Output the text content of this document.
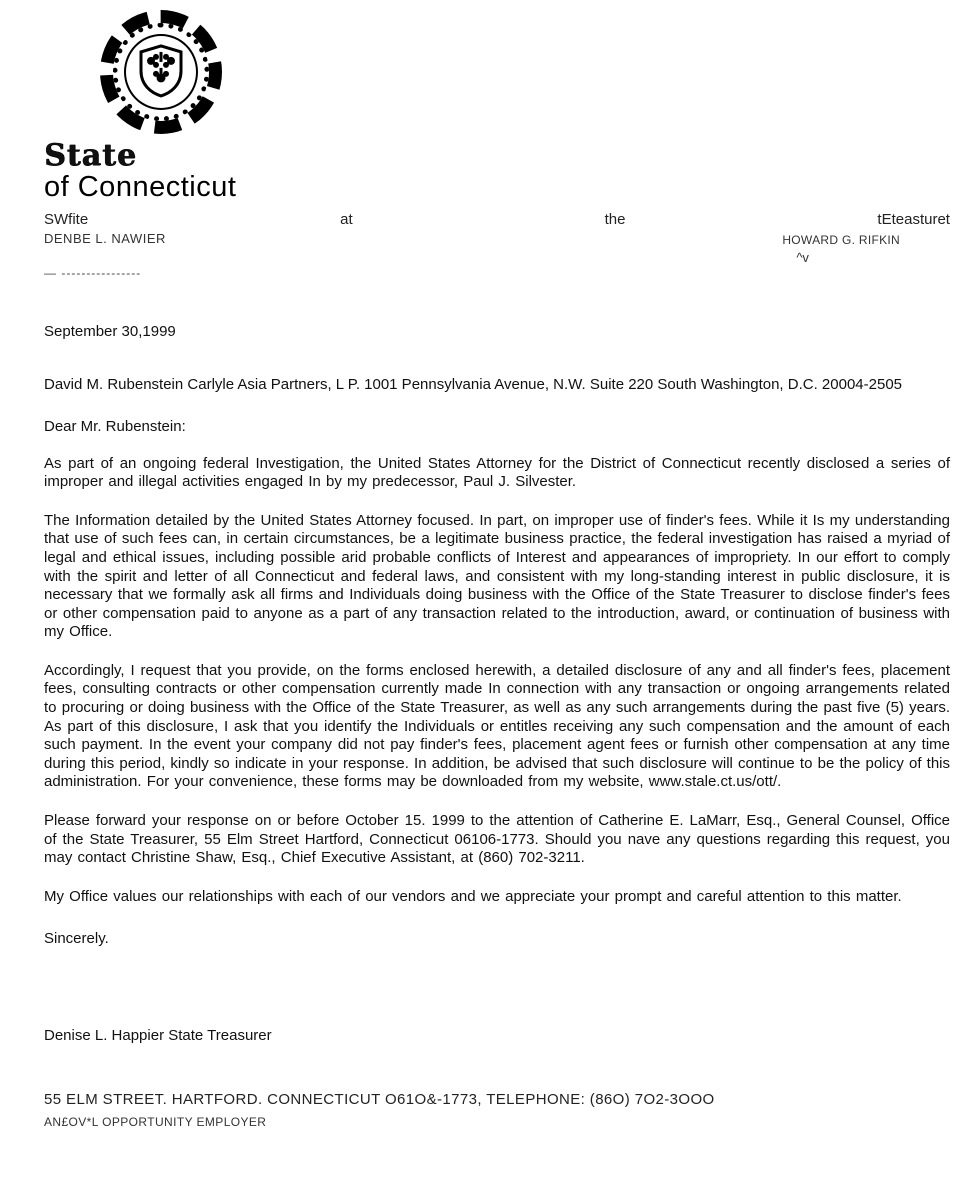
State
of Connecticut
SWfite	at	the	tEteasturet
DENBE L. NAWIER	HOWARD G. RIFKIN
^v
— ----------------
September 30,1999
David M. Rubenstein Carlyle Asia Partners, L P. 1001 Pennsylvania Avenue, N.W. Suite 220 South Washington, D.C. 20004-2505
Dear Mr. Rubenstein:

As part of an ongoing federal Investigation, the United States Attorney for the District of Connecticut recently disclosed a series of improper and illegal activities engaged In by my predecessor, Paul J. Silvester.

The Information detailed by the United States Attorney focused. In part, on improper use of finder's fees. While it Is my understanding that use of such fees can, in certain circumstances, be a legitimate business practice, the federal investigation has raised a myriad of legal and ethical issues, including possible arid probable conflicts of Interest and appearances of impropriety. In our effort to comply with the spirit and letter of all Connecticut and federal laws, and consistent with my long-standing interest in public disclosure, it is necessary that we formally ask all firms and Individuals doing business with the Office of the State Treasurer to disclose finder's fees or other compensation paid to anyone as a part of any transaction related to the introduction, award, or continuation of business with my Office.

Accordingly, I request that you provide, on the forms enclosed herewith, a detailed disclosure of any and all finder's fees, placement fees, consulting contracts or other compensation currently made In connection with any transaction or ongoing arrangements related to procuring or doing business with the Office of the State Treasurer, as well as any such arrangements during the past five (5) years. As part of this disclosure, I ask that you identify the Individuals or entitles receiving any such compensation and the amount of each such payment. In the event your company did not pay finder's fees, placement agent fees or furnish other compensation at any time during this period, kindly so indicate in your response. In addition, be advised that such disclosure will continue to be the policy of this administration. For your convenience, these forms may be downloaded from my website, www.stale.ct.us/ott/.

Please forward your response on or before October 15. 1999 to the attention of Catherine E. LaMarr, Esq., General Counsel, Office of the State Treasurer, 55 Elm Street Hartford, Connecticut 06106-1773. Should you nave any questions regarding this request, you may contact Christine Shaw, Esq., Chief Executive Assistant, at (860) 702-3211.

My Office values our relationships with each of our vendors and we appreciate your prompt and careful attention to this matter.

Sincerely.
Denise L. Happier State Treasurer
55 ELM STREET. HARTFORD. CONNECTICUT O61O&-1773, TELEPHONE: (86O) 7O2-3OOO
AN£OV*L OPPORTUNITY EMPLOYER
